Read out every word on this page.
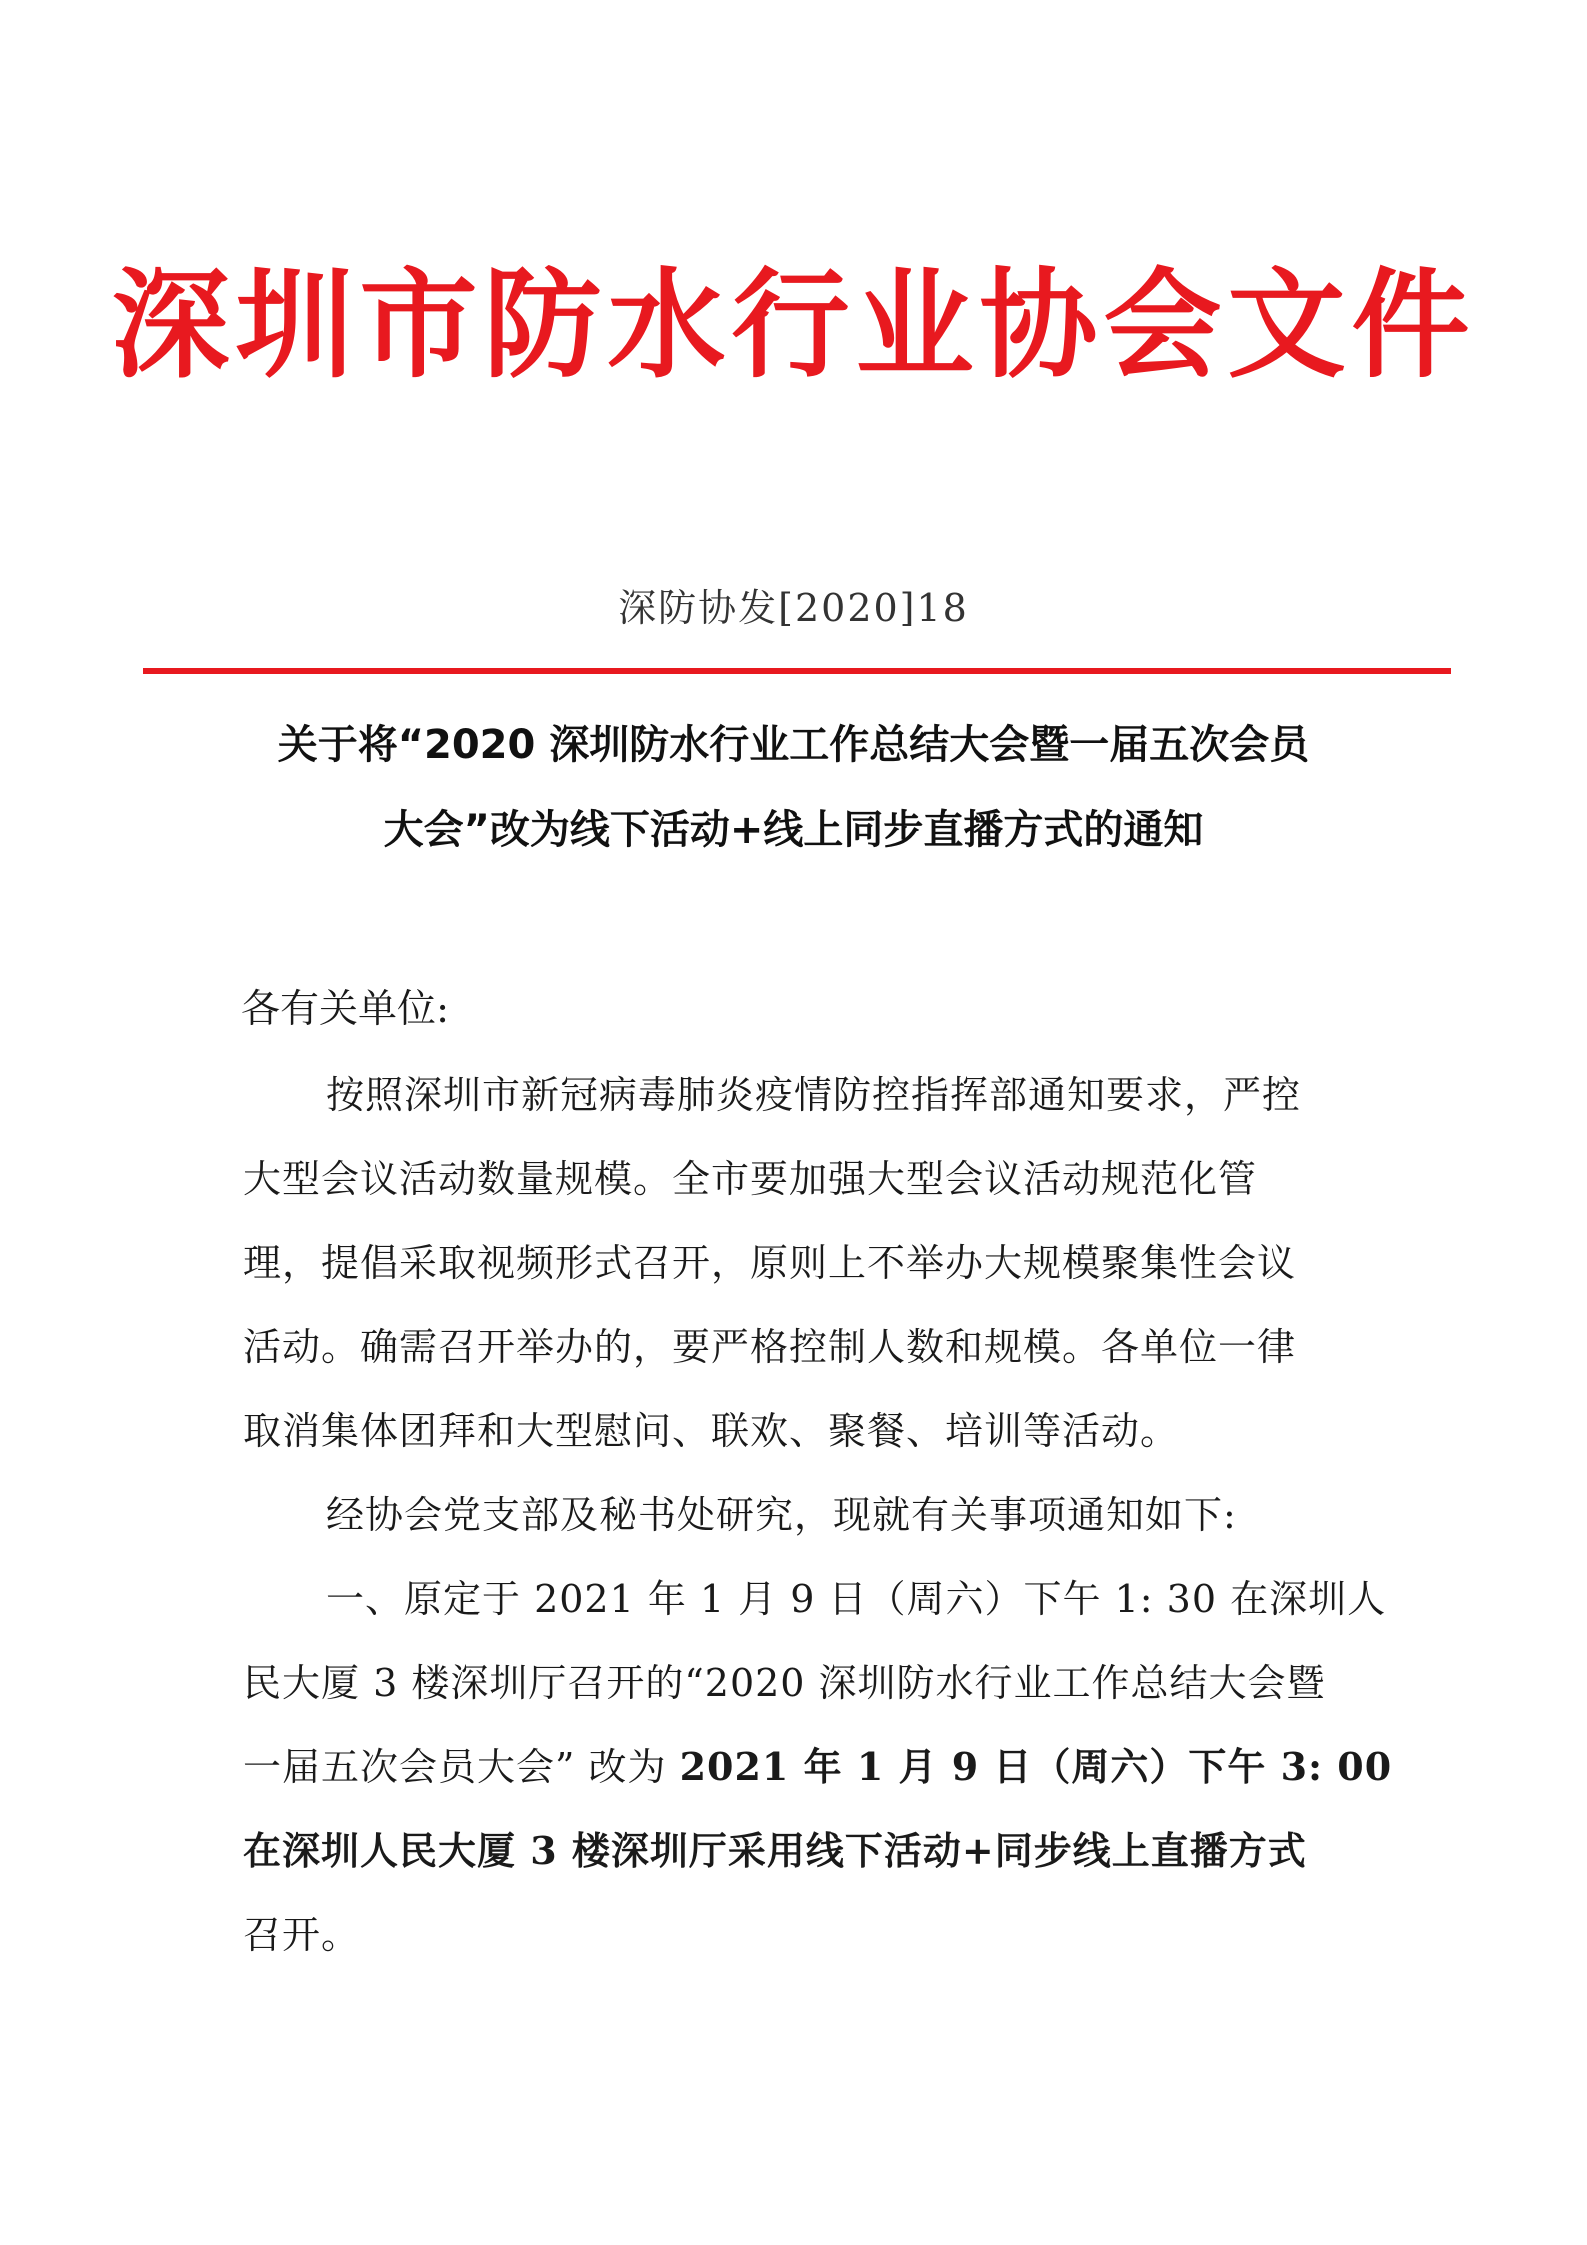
深圳市防水行业协会文件
深防协发[2020]18
关于将“2020 深圳防水行业工作总结大会暨一届五次会员
大会”改为线下活动+线上同步直播方式的通知
各有关单位:
按照深圳市新冠病毒肺炎疫情防控指挥部通知要求，严控
大型会议活动数量规模。全市要加强大型会议活动规范化管
理，提倡采取视频形式召开，原则上不举办大规模聚集性会议
活动。确需召开举办的，要严格控制人数和规模。各单位一律
取消集体团拜和大型慰问、联欢、聚餐、培训等活动。
经协会党支部及秘书处研究，现就有关事项通知如下:
一、原定于 2021 年 1 月 9 日（周六）下午 1: 30 在深圳人
民大厦 3 楼深圳厅召开的“2020 深圳防水行业工作总结大会暨
一届五次会员大会” 改为 2021 年 1 月 9 日（周六）下午 3: 00
在深圳人民大厦 3 楼深圳厅采用线下活动+同步线上直播方式
召开。
